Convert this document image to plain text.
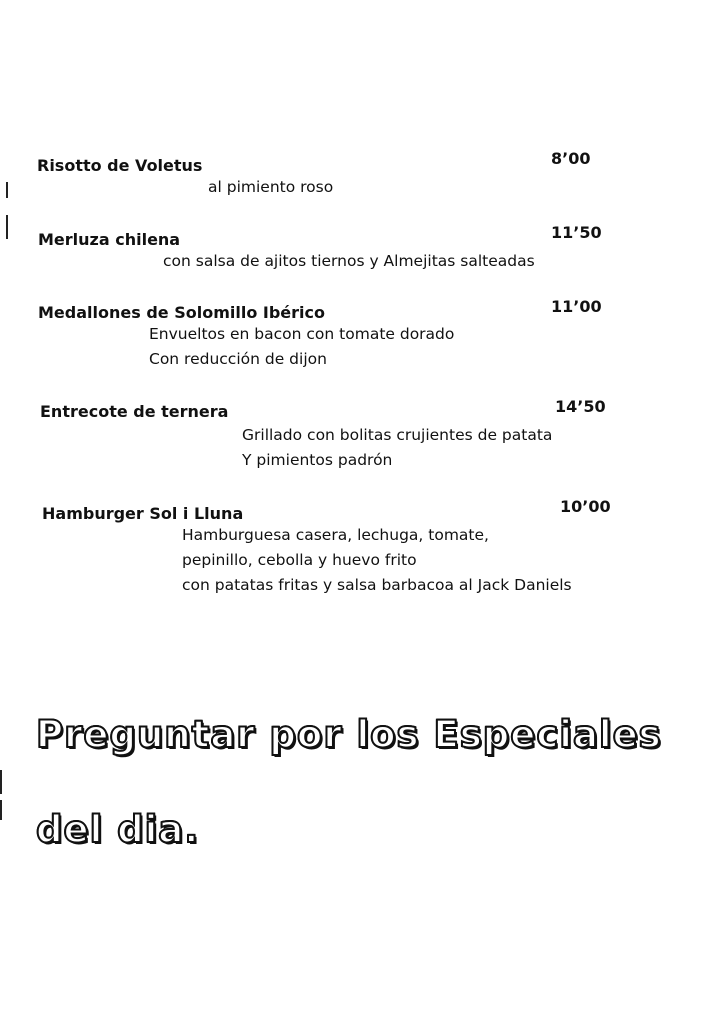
Risotto de Voletus	8’00
al pimiento roso
Merluza chilena	11’50
con salsa de ajitos tiernos y Almejitas salteadas
Medallones de Solomillo Ibérico	11’00
Envueltos en bacon con tomate dorado
Con reducción de dijon
Entrecote de ternera	14’50
Grillado con bolitas crujientes de patata
Y pimientos padrón
Hamburger Sol i Lluna	10’00
Hamburguesa casera, lechuga, tomate,
pepinillo, cebolla y huevo frito
con patatas fritas y salsa barbacoa al Jack Daniels
Preguntar por los Especiales
del dia.
